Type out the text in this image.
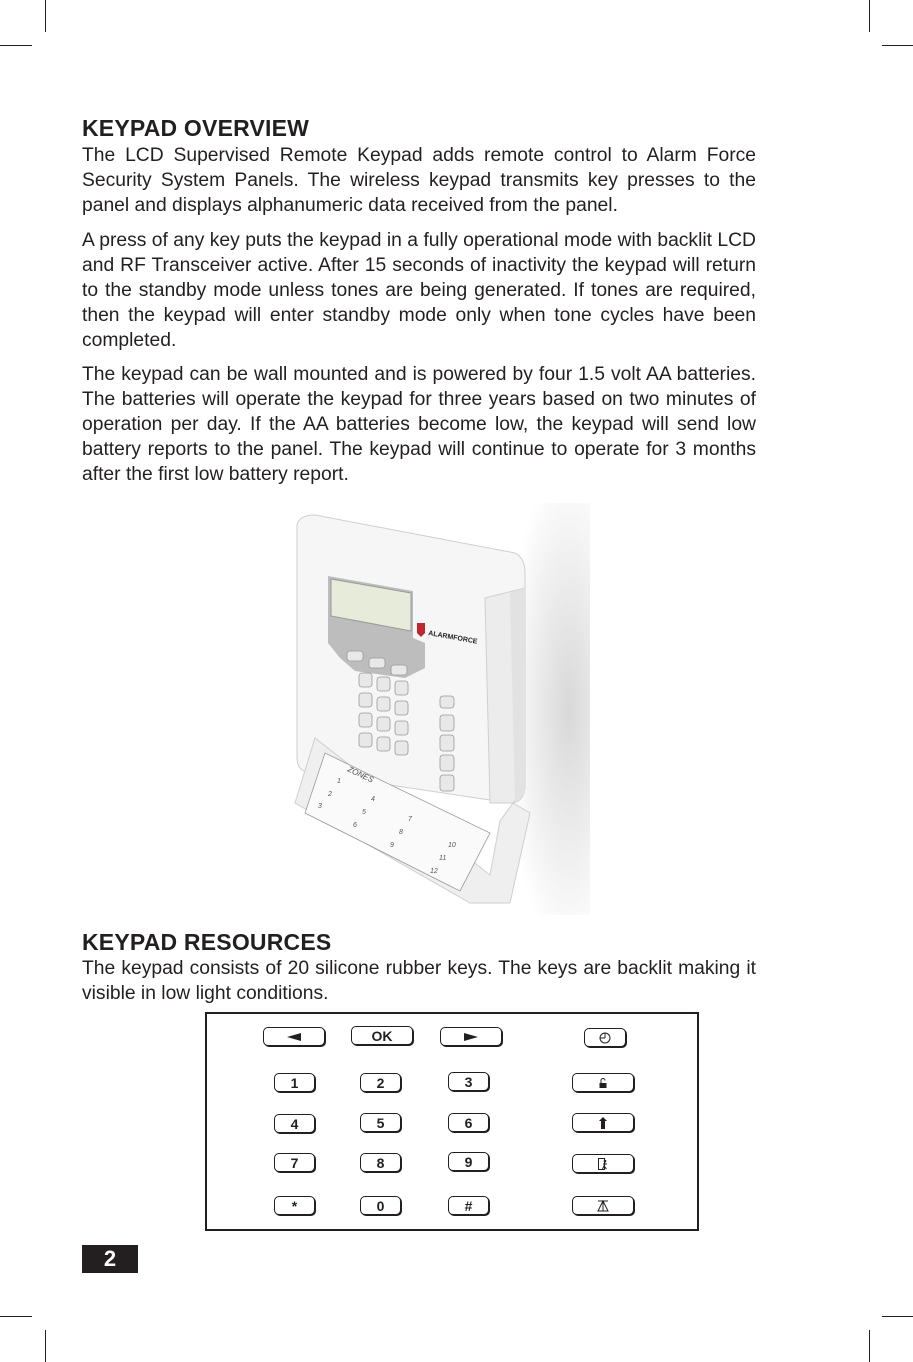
KEYPAD OVERVIEW

The LCD Supervised Remote Keypad adds remote control to Alarm Force Security System Panels. The wireless keypad transmits key presses to the panel and displays alphanumeric data received from the panel.

A press of any key puts the keypad in a fully operational mode with backlit LCD and RF Transceiver active. After 15 seconds of inactivity the keypad will return to the standby mode unless tones are being generated. If tones are required, then the keypad will enter standby mode only when tone cycles have been completed.

The keypad can be wall mounted and is powered by four 1.5 volt AA batteries. The batteries will operate the keypad for three years based on two minutes of operation per day. If the AA batteries become low, the keypad will send low battery reports to the panel. The keypad will continue to operate for 3 months after the first low battery report.

ALARMFORCE
ZONES
1
2
3
4
5
6
7
8
9	10
11
12
KEYPAD RESOURCES

The keypad consists of 20 silicone rubber keys. The keys are backlit making it visible in low light conditions.

OK
1	2	3
4	5	6
7	8	9
*	0	#
2
